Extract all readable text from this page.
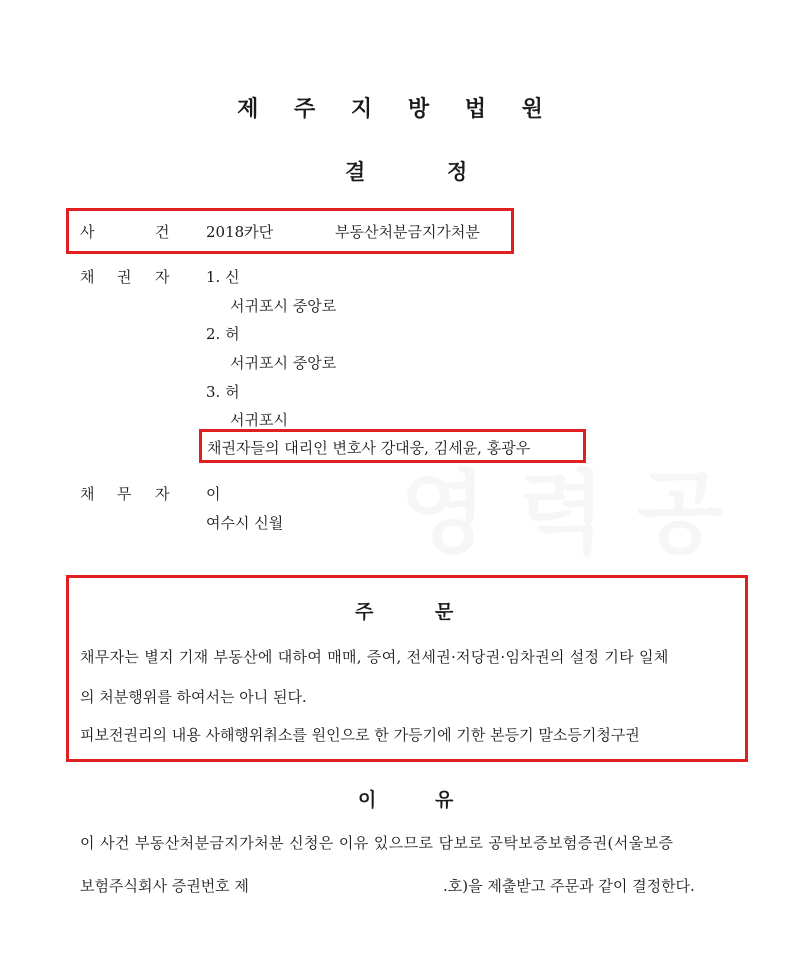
제 주 지 방 법 원
결	정
사	건 2018카단	부동산처분금지가처분
채 권 자 1. 신
서귀포시 중앙로
2. 허
서귀포시 중앙로
3. 허
서귀포시
채권자들의 대리인 변호사 강대웅, 김세윤, 홍광우
채 무 자 이
여수시 신월
주	문
채무자는 별지 기재 부동산에 대하여 매매, 증여, 전세권·저당권·임차권의 설정 기타 일체
의 처분행위를 하여서는 아니 된다.
피보전권리의 내용 사해행위취소를 원인으로 한 가등기에 기한 본등기 말소등기청구권
이	유
이 사건 부동산처분금지가처분 신청은 이유 있으므로 담보로 공탁보증보험증권(서울보증
보험주식회사 증권번호 제	.호)을 제출받고 주문과 같이 결정한다.
